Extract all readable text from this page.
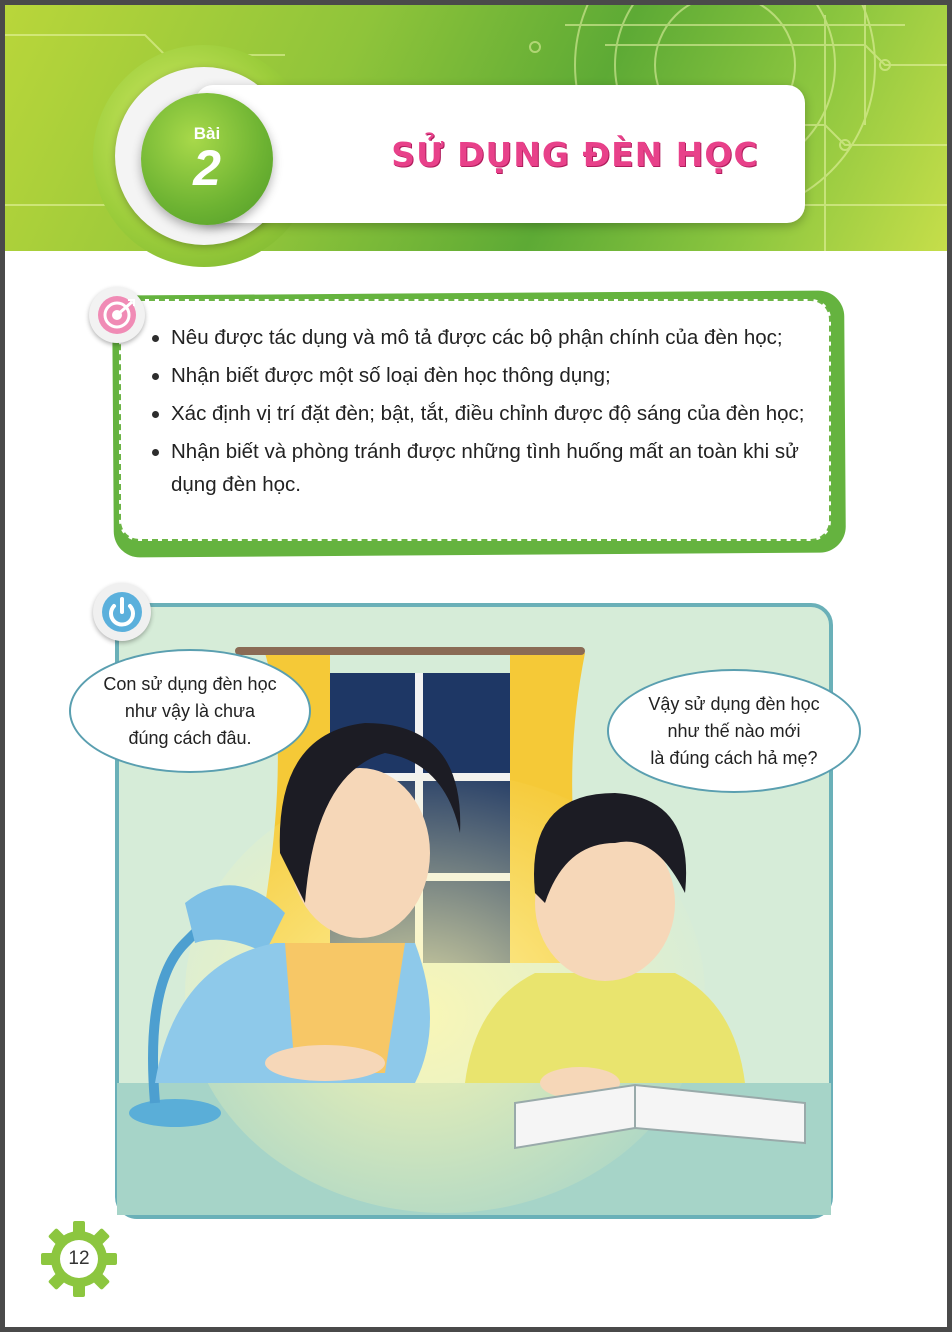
SỬ DỤNG ĐÈN HỌC
Bài
2
Nêu được tác dụng và mô tả được các bộ phận chính của đèn học;
Nhận biết được một số loại đèn học thông dụng;
Xác định vị trí đặt đèn; bật, tắt, điều chỉnh được độ sáng của đèn học;
Nhận biết và phòng tránh được những tình huống mất an toàn khi sử dụng đèn học.
Con sử dụng đèn học
như vậy là chưa
đúng cách đâu.
Vậy sử dụng đèn học
như thế nào mới
là đúng cách hả mẹ?
12
